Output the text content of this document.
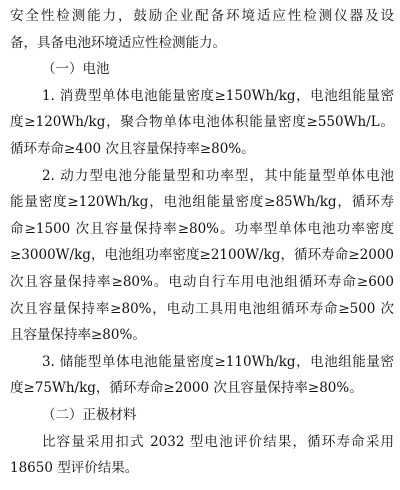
安全性检测能力，鼓励企业配备环境适应性检测仪器及设
备，具备电池环境适应性检测能力。
（一）电池
1. 消费型单体电池能量密度≥150Wh/kg，电池组能量密
度≥120Wh/kg，聚合物单体电池体积能量密度≥550Wh/L。
循环寿命≥400 次且容量保持率≥80%。
2. 动力型电池分能量型和功率型，其中能量型单体电池
能量密度≥120Wh/kg，电池组能量密度≥85Wh/kg，循环寿
命≥1500 次且容量保持率≥80%。功率型单体电池功率密度
≥3000W/kg，电池组功率密度≥2100W/kg，循环寿命≥2000
次且容量保持率≥80%。电动自行车用电池组循环寿命≥600
次且容量保持率≥80%，电动工具用电池组循环寿命≥500 次
且容量保持率≥80%。
3. 储能型单体电池能量密度≥110Wh/kg，电池组能量密
度≥75Wh/kg，循环寿命≥2000 次且容量保持率≥80%。
（二）正极材料
比容量采用扣式 2032 型电池评价结果，循环寿命采用
18650 型评价结果。
